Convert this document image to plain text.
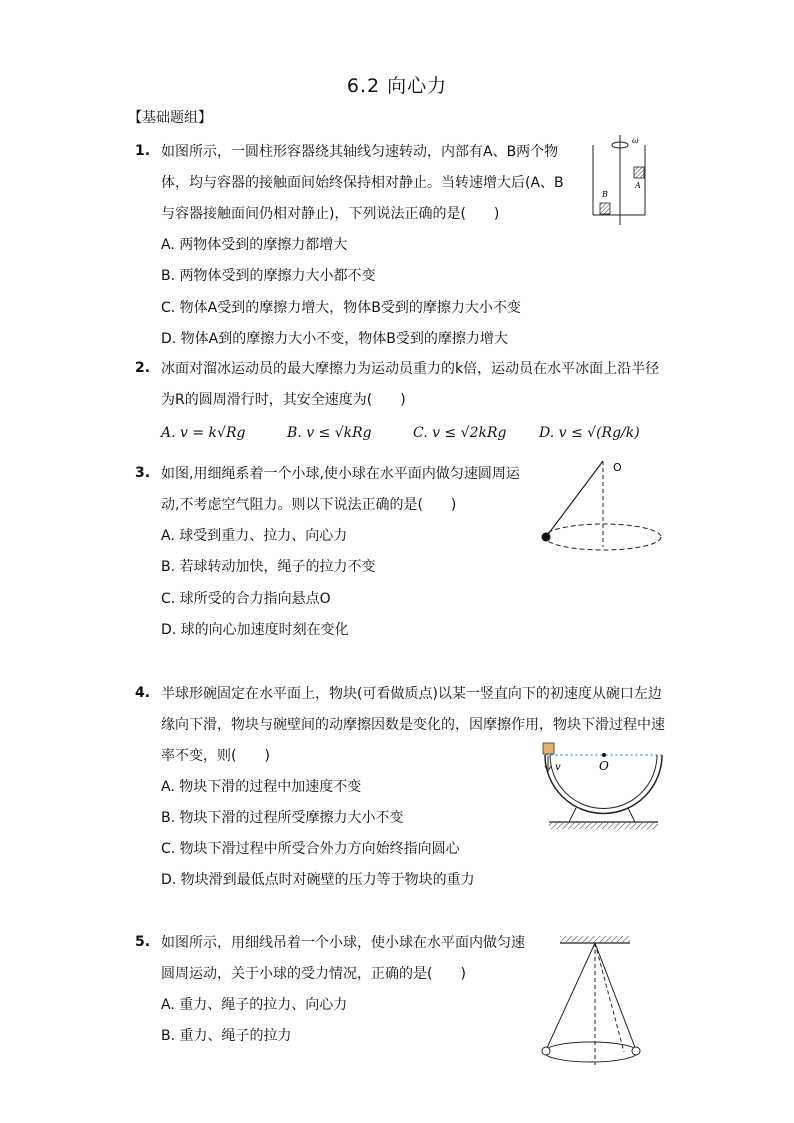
6.2 向心力
【基础题组】
1. 如图所示，一圆柱形容器绕其轴线匀速转动，内部有A、B两个物
体，均与容器的接触面间始终保持相对静止。当转速增大后(A、B
与容器接触面间仍相对静止)，下列说法正确的是(　　)
A. 两物体受到的摩擦力都增大
B. 两物体受到的摩擦力大小都不变
C. 物体A受到的摩擦力增大，物体B受到的摩擦力大小不变
D. 物体A到的摩擦力大小不变，物体B受到的摩擦力增大
B
A
ω
2. 冰面对溜冰运动员的最大摩擦力为运动员重力的k倍，运动员在水平冰面上沿半径
为R的圆周滑行时，其安全速度为(　　)
A. v = k√Rg	B. v ≤ √kRg	C. v ≤ √2kRg D. v ≤ √(Rg/k)
3. 如图,用细绳系着一个小球,使小球在水平面内做匀速圆周运
动,不考虑空气阻力。则以下说法正确的是(　　)
A. 球受到重力、拉力、向心力
B. 若球转动加快，绳子的拉力不变
C. 球所受的合力指向悬点O
D. 球的向心加速度时刻在变化
O
4. 半球形碗固定在水平面上，物块(可看做质点)以某一竖直向下的初速度从碗口左边
缘向下滑，物块与碗壁间的动摩擦因数是变化的，因摩擦作用，物块下滑过程中速
率不变，则(　　)
A. 物块下滑的过程中加速度不变
B. 物块下滑的过程所受摩擦力大小不变
C. 物块下滑过程中所受合外力方向始终指向圆心
D. 物块滑到最低点时对碗壁的压力等于物块的重力
v	O
5. 如图所示，用细线吊着一个小球，使小球在水平面内做匀速
圆周运动，关于小球的受力情况，正确的是(　　)
A. 重力、绳子的拉力、向心力
B. 重力、绳子的拉力
